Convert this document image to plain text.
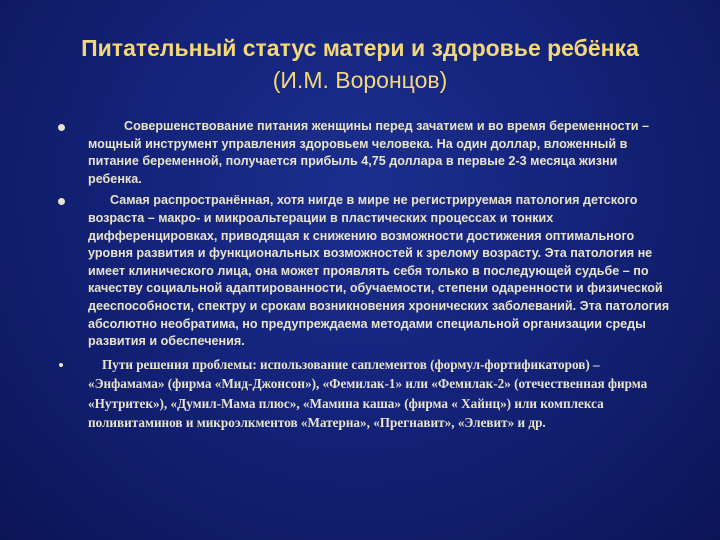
Питательный статус матери и здоровье ребёнка (И.М. Воронцов)
Совершенствование питания женщины перед зачатием и во время беременности – мощный инструмент управления здоровьем человека. На один доллар, вложенный в питание беременной, получается прибыль 4,75 доллара в первые 2-3 месяца жизни ребенка.
Самая распространённая, хотя нигде в мире не регистрируемая патология детского возраста – макро- и микроальтерации в пластических процессах и тонких дифференцировках, приводящая к снижению возможности достижения оптимального уровня развития и функциональных возможностей к зрелому возрасту. Эта патология не имеет клинического лица, она может проявлять себя только в последующей судьбе – по качеству социальной адаптированности, обучаемости, степени одаренности и физической дееспособности, спектру и срокам возникновения хронических заболеваний. Эта патология абсолютно необратима, но предупреждаема методами специальной организации среды развития и обеспечения.
Пути решения проблемы: использование саплементов (формул-фортификаторов) – «Энфамама» (фирма «Мид-Джонсон»), «Фемилак-1» или «Фемилак-2» (отечественная фирма «Нутритек»), «Думил-Мама плюс», «Мамина каша» (фирма « Хайнц») или комплекса поливитаминов и микроэлкментов «Матерна», «Прегнавит», «Элевит» и др.
